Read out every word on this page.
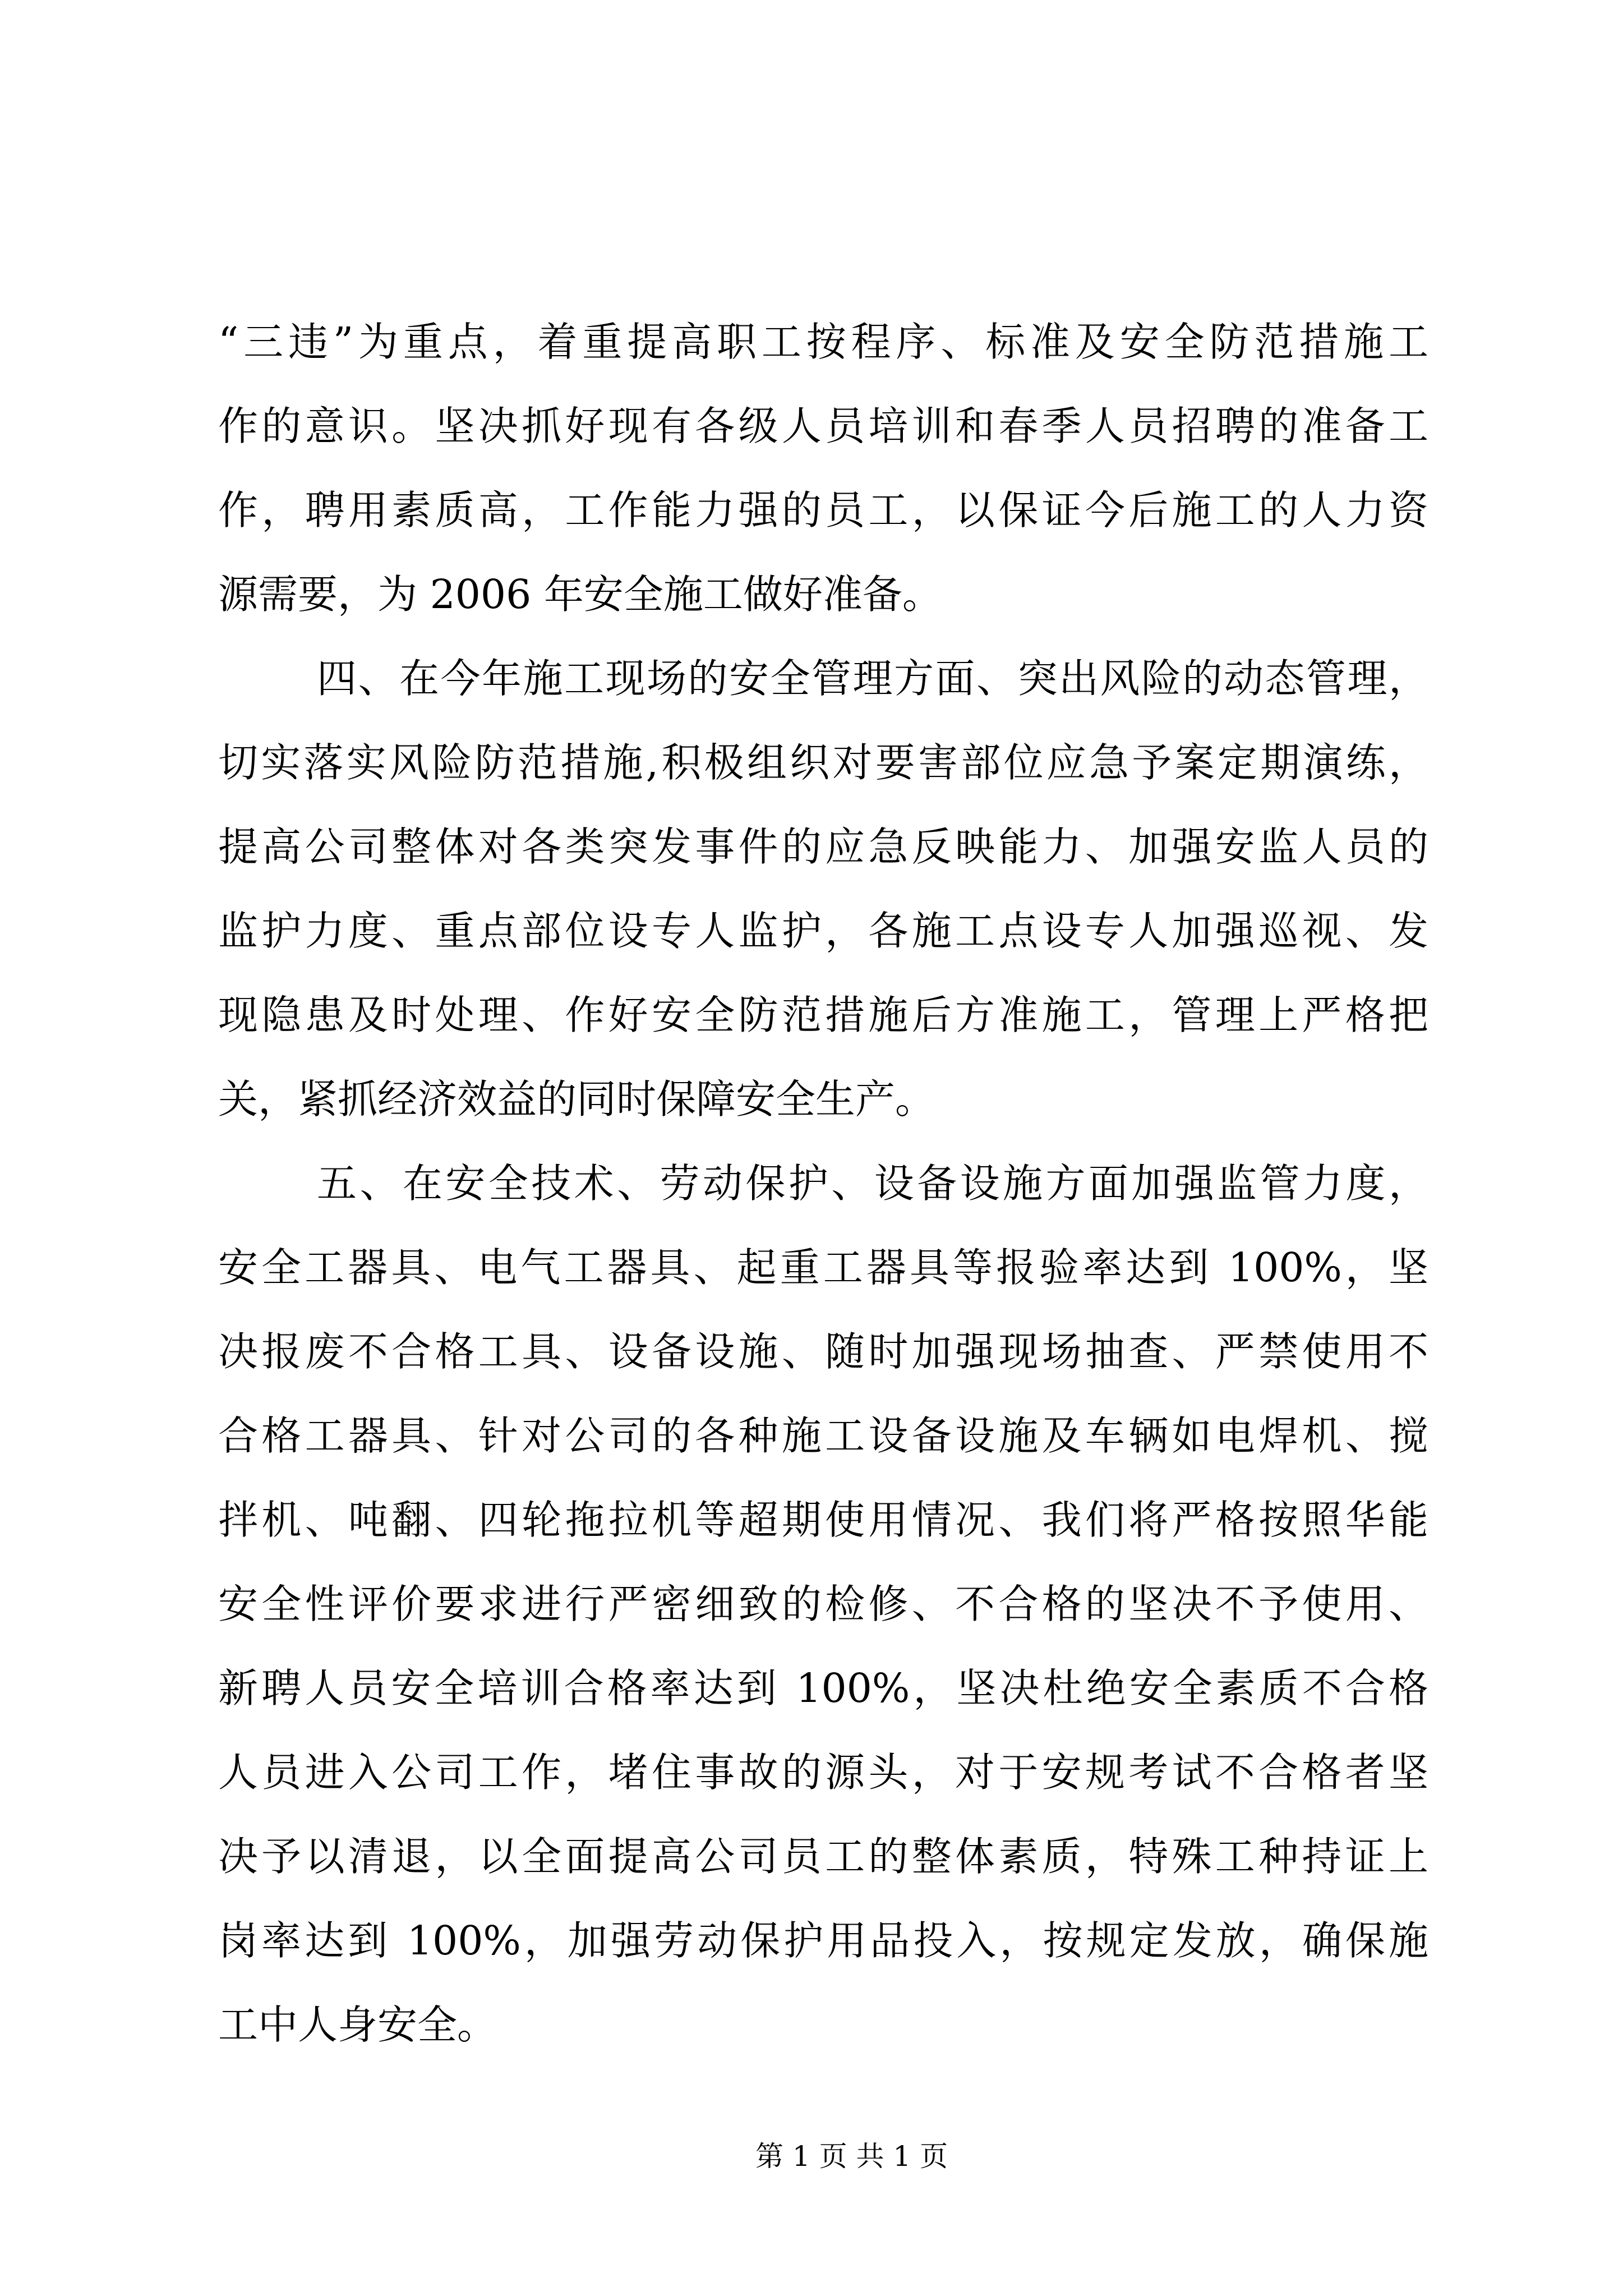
“三违”为重点，着重提高职工按程序、标准及安全防范措施工
作的意识。坚决抓好现有各级人员培训和春季人员招聘的准备工
作，聘用素质高，工作能力强的员工，以保证今后施工的人力资
源需要，为 2006 年安全施工做好准备。
四、在今年施工现场的安全管理方面、突出风险的动态管理，
切实落实风险防范措施,积极组织对要害部位应急予案定期演练，
提高公司整体对各类突发事件的应急反映能力、加强安监人员的
监护力度、重点部位设专人监护，各施工点设专人加强巡视、发
现隐患及时处理、作好安全防范措施后方准施工，管理上严格把
关，紧抓经济效益的同时保障安全生产。
五、在安全技术、劳动保护、设备设施方面加强监管力度，
安全工器具、电气工器具、起重工器具等报验率达到 100%，坚
决报废不合格工具、设备设施、随时加强现场抽查、严禁使用不
合格工器具、针对公司的各种施工设备设施及车辆如电焊机、搅
拌机、吨翻、四轮拖拉机等超期使用情况、我们将严格按照华能
安全性评价要求进行严密细致的检修、不合格的坚决不予使用、
新聘人员安全培训合格率达到 100%，坚决杜绝安全素质不合格
人员进入公司工作，堵住事故的源头，对于安规考试不合格者坚
决予以清退，以全面提高公司员工的整体素质，特殊工种持证上
岗率达到 100%，加强劳动保护用品投入，按规定发放，确保施
工中人身安全。
第 1 页 共 1 页
